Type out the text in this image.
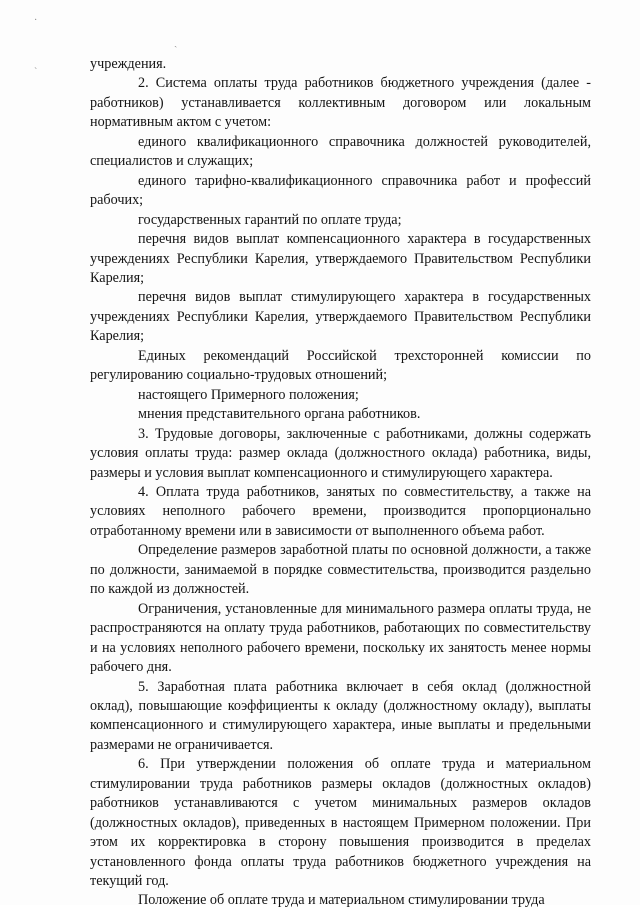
·
ˋ
ˏ

учреждения.

2. Система оплаты труда работников бюджетного учреждения (далее - работников) устанавливается коллективным договором или локальным нормативным актом с учетом:

единого квалификационного справочника должностей руководителей, специалистов и служащих;

единого тарифно-квалификационного справочника работ и профессий рабочих;

государственных гарантий по оплате труда;

перечня видов выплат компенсационного характера в государственных учреждениях Республики Карелия, утверждаемого Правительством Республики Карелия;

перечня видов выплат стимулирующего характера в государственных учреждениях Республики Карелия, утверждаемого Правительством Республики Карелия;

Единых рекомендаций Российской трехсторонней комиссии по регулированию социально-трудовых отношений;

настоящего Примерного положения;

мнения представительного органа работников.

3. Трудовые договоры, заключенные с работниками, должны содержать условия оплаты труда: размер оклада (должностного оклада) работника, виды, размеры и условия выплат компенсационного и стимулирующего характера.

4. Оплата труда работников, занятых по совместительству, а также на условиях неполного рабочего времени, производится пропорционально отработанному времени или в зависимости от выполненного объема работ.

Определение размеров заработной платы по основной должности, а также по должности, занимаемой в порядке совместительства, производится раздельно по каждой из должностей.

Ограничения, установленные для минимального размера оплаты труда, не распространяются на оплату труда работников, работающих по совместительству и на условиях неполного рабочего времени, поскольку их занятость менее нормы рабочего дня.

5. Заработная плата работника включает в себя оклад (должностной оклад), повышающие коэффициенты к окладу (должностному окладу), выплаты компенсационного и стимулирующего характера, иные выплаты и предельными размерами не ограничивается.

6. При утверждении положения об оплате труда и материальном стимулировании труда работников размеры окладов (должностных окладов) работников устанавливаются с учетом минимальных размеров окладов (должностных окладов), приведенных в настоящем Примерном положении. При этом их корректировка в сторону повышения производится в пределах установленного фонда оплаты труда работников бюджетного учреждения на текущий год.

Положение об оплате труда и материальном стимулировании труда
